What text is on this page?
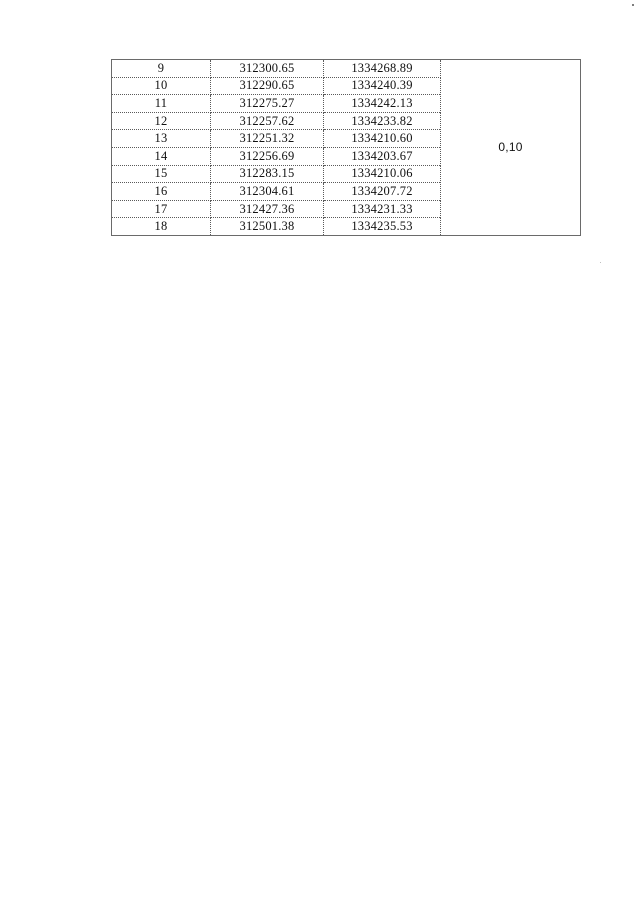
9	312300.65	1334268.89	0,10
10	312290.65	1334240.39	
11	312275.27	1334242.13	
12	312257.62	1334233.82	
13	312251.32	1334210.60	
14	312256.69	1334203.67	
15	312283.15	1334210.06	
16	312304.61	1334207.72	
17	312427.36	1334231.33	
18	312501.38	1334235.53	
